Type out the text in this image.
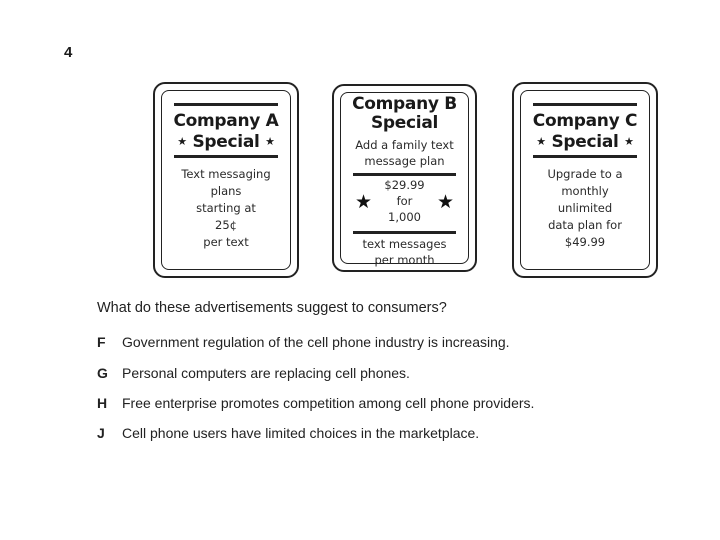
4
Company A
★ Special ★
Text messaging
plans
starting at
25¢
per text
Company B
Special
Add a family text
message plan
★	★
$29.99
for
1,000
text messages
per month
Company C
★ Special ★
Upgrade to a
monthly
unlimited
data plan for
$49.99
What do these advertisements suggest to consumers?
F	Government regulation of the cell phone industry is increasing.
G	Personal computers are replacing cell phones.
H	Free enterprise promotes competition among cell phone providers.
J	Cell phone users have limited choices in the marketplace.
